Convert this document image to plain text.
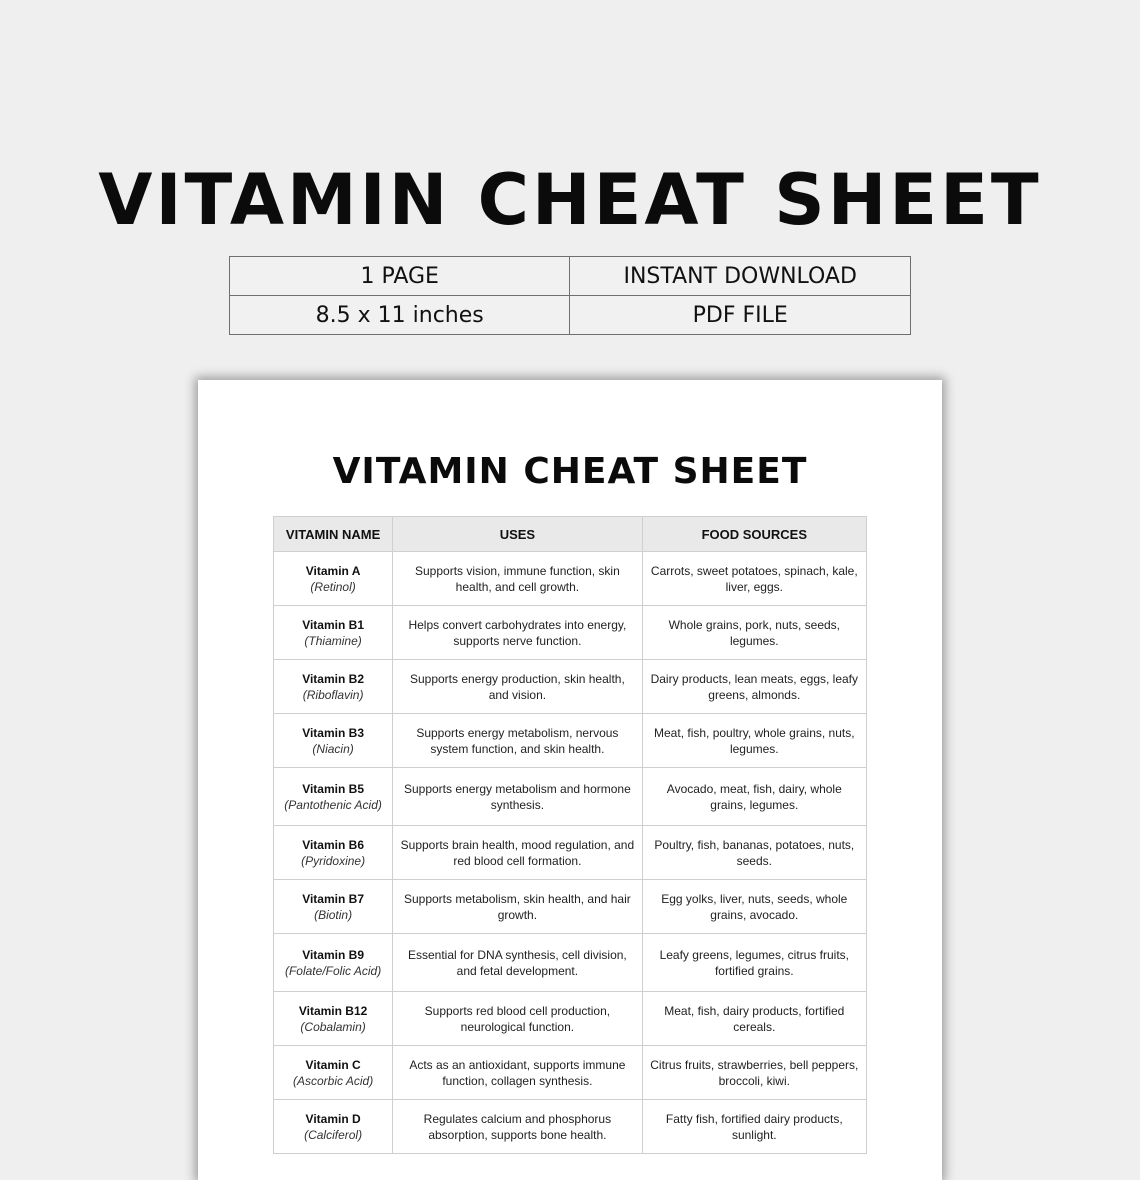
VITAMIN CHEAT SHEET
1 PAGE	INSTANT DOWNLOAD
8.5 x 11 inches	PDF FILE
VITAMIN CHEAT SHEET
VITAMIN NAME	USES	FOOD SOURCES

Vitamin A
(Retinol)	Supports vision, immune function, skin health, and cell growth.	Carrots, sweet potatoes, spinach, kale, liver, eggs.

Vitamin B1
(Thiamine)	Helps convert carbohydrates into energy, supports nerve function.	Whole grains, pork, nuts, seeds, legumes.

Vitamin B2
(Riboflavin)	Supports energy production, skin health, and vision.	Dairy products, lean meats, eggs, leafy greens, almonds.

Vitamin B3
(Niacin)	Supports energy metabolism, nervous system function, and skin health.	Meat, fish, poultry, whole grains, nuts, legumes.

Vitamin B5
(Pantothenic Acid)	Supports energy metabolism and hormone synthesis.	Avocado, meat, fish, dairy, whole grains, legumes.

Vitamin B6
(Pyridoxine)	Supports brain health, mood regulation, and red blood cell formation.	Poultry, fish, bananas, potatoes, nuts, seeds.

Vitamin B7
(Biotin)	Supports metabolism, skin health, and hair growth.	Egg yolks, liver, nuts, seeds, whole grains, avocado.

Vitamin B9
(Folate/Folic Acid)	Essential for DNA synthesis, cell division, and fetal development.	Leafy greens, legumes, citrus fruits, fortified grains.

Vitamin B12
(Cobalamin)	Supports red blood cell production, neurological function.	Meat, fish, dairy products, fortified cereals.

Vitamin C
(Ascorbic Acid)	Acts as an antioxidant, supports immune function, collagen synthesis.	Citrus fruits, strawberries, bell peppers, broccoli, kiwi.

Vitamin D
(Calciferol)	Regulates calcium and phosphorus absorption, supports bone health.	Fatty fish, fortified dairy products, sunlight.
